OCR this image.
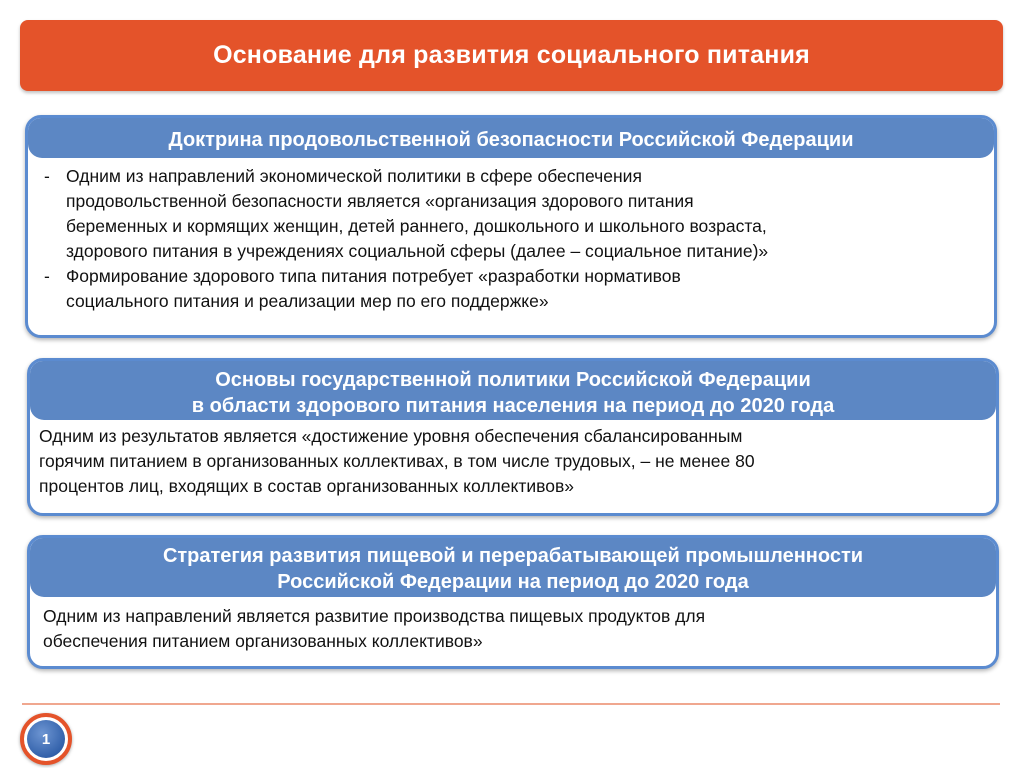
Основание для развития социального питания
Доктрина продовольственной безопасности Российской Федерации
- Одним из направлений экономической политики в сфере обеспечения
продовольственной безопасности является «организация здорового питания
беременных и кормящих женщин, детей раннего, дошкольного и школьного возраста,
здорового питания в учреждениях социальной сферы (далее – социальное питание)»
- Формирование здорового типа питания потребует «разработки нормативов
социального питания и реализации мер по его поддержке»
Основы государственной политики Российской Федерации
в области здорового питания населения на период до 2020 года
Одним из результатов является «достижение уровня обеспечения сбалансированным
горячим питанием в организованных коллективах, в том числе трудовых, – не менее 80
процентов лиц, входящих в состав организованных коллективов»
Стратегия развития пищевой и перерабатывающей промышленности
Российской Федерации на период до 2020 года
Одним из направлений является развитие производства пищевых продуктов для
обеспечения питанием организованных коллективов»
1
